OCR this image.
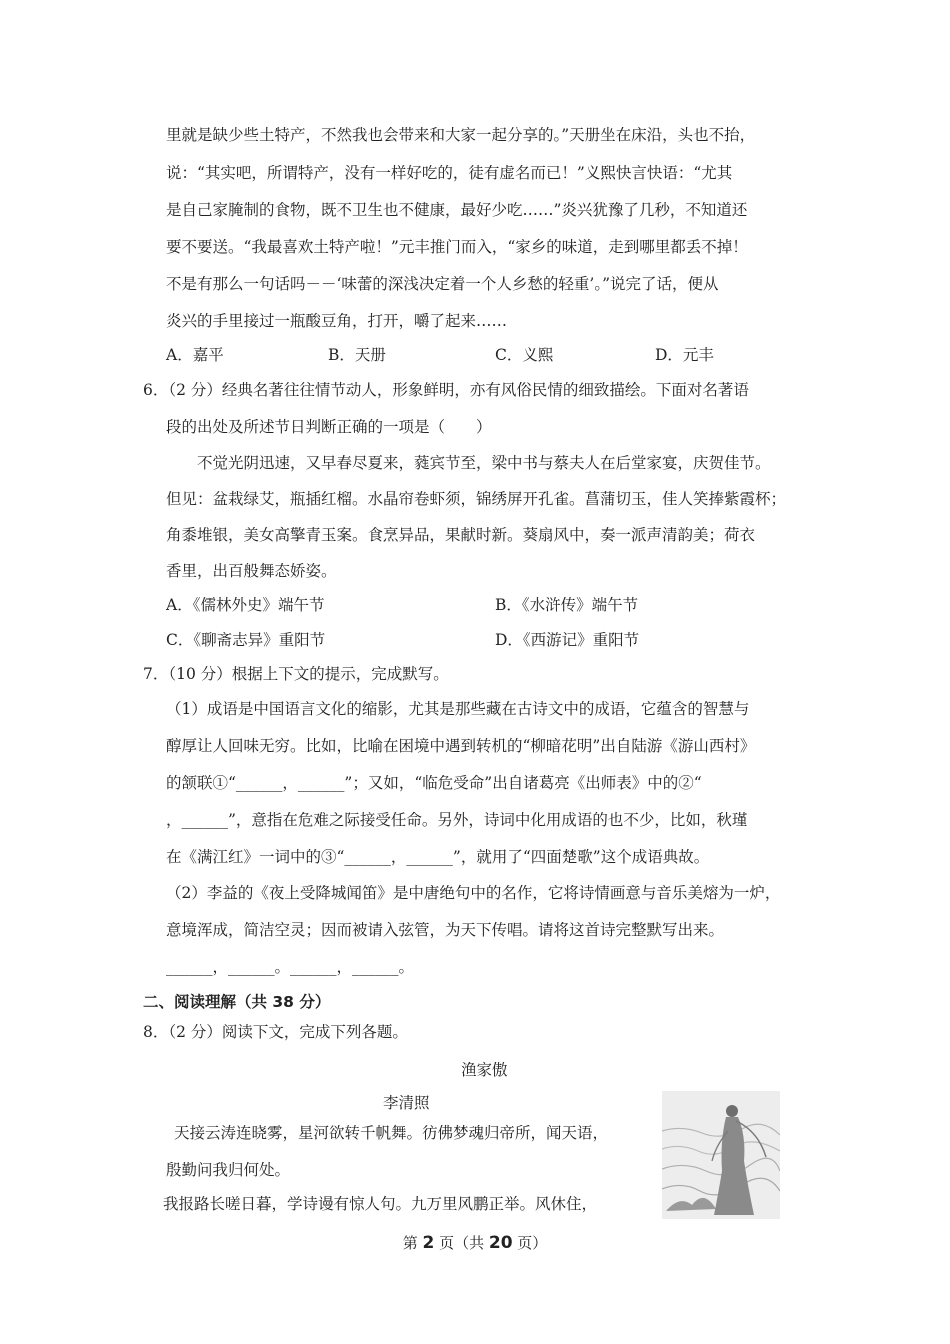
里就是缺少些土特产，不然我也会带来和大家一起分享的。”天册坐在床沿，头也不抬，
说：“其实吧，所谓特产，没有一样好吃的，徒有虚名而已！”义熙快言快语：“尤其
是自己家腌制的食物，既不卫生也不健康，最好少吃……”炎兴犹豫了几秒，不知道还
要不要送。“我最喜欢土特产啦！”元丰推门而入，“家乡的味道，走到哪里都丢不掉！
不是有那么一句话吗－－‘味蕾的深浅决定着一个人乡愁的轻重’。”说完了话，便从
炎兴的手里接过一瓶酸豆角，打开，嚼了起来……
A．嘉平	B．天册	C．义熙	D．元丰
6．（2 分）经典名著往往情节动人，形象鲜明，亦有风俗民情的细致描绘。下面对名著语
段的出处及所述节日判断正确的一项是（　　）
　　不觉光阴迅速，又早春尽夏来，蕤宾节至，梁中书与蔡夫人在后堂家宴，庆贺佳节。
但见：盆栽绿艾，瓶插红榴。水晶帘卷虾须，锦绣屏开孔雀。菖蒲切玉，佳人笑捧紫霞杯；
角黍堆银，美女高擎青玉案。食烹异品，果献时新。葵扇风中，奏一派声清韵美；荷衣
香里，出百般舞态娇姿。
A．《儒林外史》端午节	B．《水浒传》端午节
C．《聊斋志异》重阳节	D．《西游记》重阳节
7．（10 分）根据上下文的提示，完成默写。
（1）成语是中国语言文化的缩影，尤其是那些藏在古诗文中的成语，它蕴含的智慧与
醇厚让人回味无穷。比如，比喻在困境中遇到转机的“柳暗花明”出自陆游《游山西村》
的颔联①“______，______”；又如，“临危受命”出自诸葛亮《出师表》中的②“
，______”，意指在危难之际接受任命。另外，诗词中化用成语的也不少，比如，秋瑾
在《满江红》一词中的③“______，______”，就用了“四面楚歌”这个成语典故。
（2）李益的《夜上受降城闻笛》是中唐绝句中的名作，它将诗情画意与音乐美熔为一炉，
意境浑成，简洁空灵；因而被请入弦管，为天下传唱。请将这首诗完整默写出来。
______，______。______，______。
二、阅读理解（共 38 分）
8．（2 分）阅读下文，完成下列各题。
渔家傲
李清照
天接云涛连晓雾，星河欲转千帆舞。彷佛梦魂归帝所，闻天语，
殷勤问我归何处。
我报路长嗟日暮，学诗谩有惊人句。九万里风鹏正举。风休住，
第 2 页（共 20 页）
